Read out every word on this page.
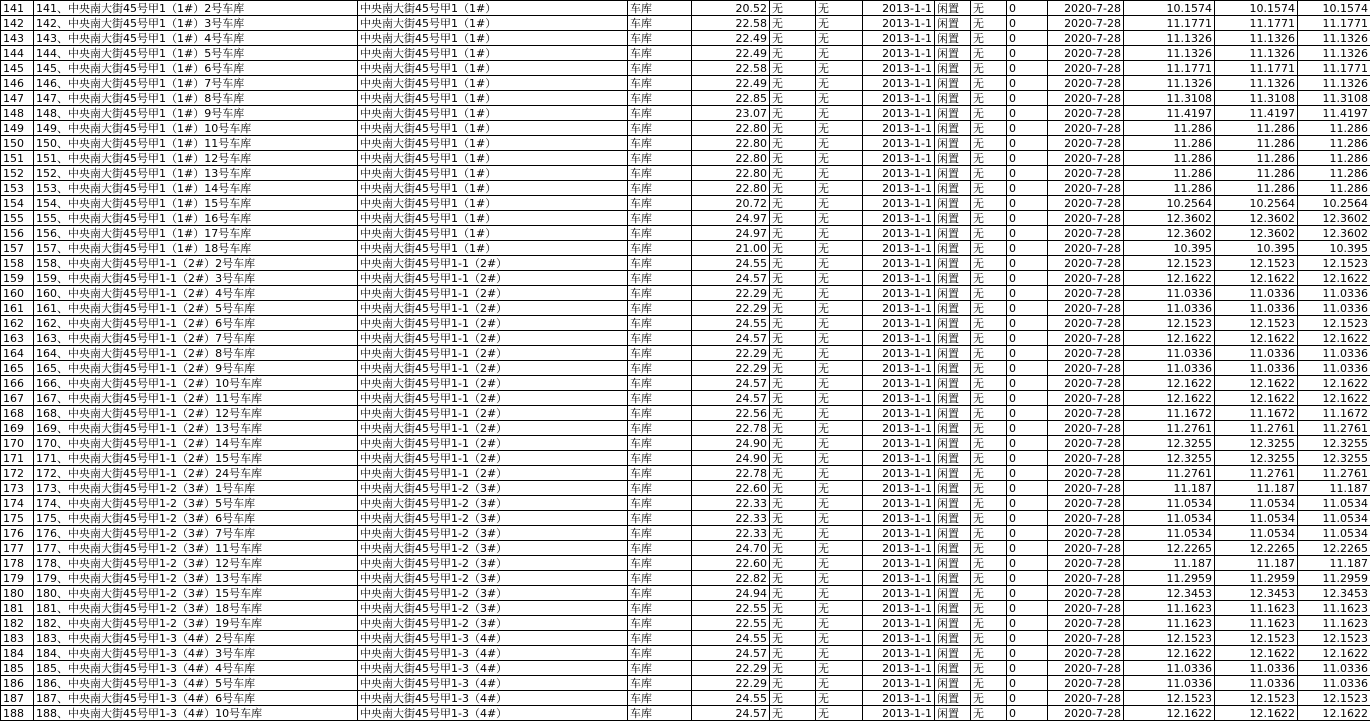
141	141、中央南大街45号甲1（1#）2号车库	中央南大街45号甲1（1#）	车库	20.52	无	无	2013-1-1	闲置	无	0	2020-7-28	10.1574	10.1574	10.1574
142	142、中央南大街45号甲1（1#）3号车库	中央南大街45号甲1（1#）	车库	22.58	无	无	2013-1-1	闲置	无	0	2020-7-28	11.1771	11.1771	11.1771
143	143、中央南大街45号甲1（1#）4号车库	中央南大街45号甲1（1#）	车库	22.49	无	无	2013-1-1	闲置	无	0	2020-7-28	11.1326	11.1326	11.1326
144	144、中央南大街45号甲1（1#）5号车库	中央南大街45号甲1（1#）	车库	22.49	无	无	2013-1-1	闲置	无	0	2020-7-28	11.1326	11.1326	11.1326
145	145、中央南大街45号甲1（1#）6号车库	中央南大街45号甲1（1#）	车库	22.58	无	无	2013-1-1	闲置	无	0	2020-7-28	11.1771	11.1771	11.1771
146	146、中央南大街45号甲1（1#）7号车库	中央南大街45号甲1（1#）	车库	22.49	无	无	2013-1-1	闲置	无	0	2020-7-28	11.1326	11.1326	11.1326
147	147、中央南大街45号甲1（1#）8号车库	中央南大街45号甲1（1#）	车库	22.85	无	无	2013-1-1	闲置	无	0	2020-7-28	11.3108	11.3108	11.3108
148	148、中央南大街45号甲1（1#）9号车库	中央南大街45号甲1（1#）	车库	23.07	无	无	2013-1-1	闲置	无	0	2020-7-28	11.4197	11.4197	11.4197
149	149、中央南大街45号甲1（1#）10号车库	中央南大街45号甲1（1#）	车库	22.80	无	无	2013-1-1	闲置	无	0	2020-7-28	11.286	11.286	11.286
150	150、中央南大街45号甲1（1#）11号车库	中央南大街45号甲1（1#）	车库	22.80	无	无	2013-1-1	闲置	无	0	2020-7-28	11.286	11.286	11.286
151	151、中央南大街45号甲1（1#）12号车库	中央南大街45号甲1（1#）	车库	22.80	无	无	2013-1-1	闲置	无	0	2020-7-28	11.286	11.286	11.286
152	152、中央南大街45号甲1（1#）13号车库	中央南大街45号甲1（1#）	车库	22.80	无	无	2013-1-1	闲置	无	0	2020-7-28	11.286	11.286	11.286
153	153、中央南大街45号甲1（1#）14号车库	中央南大街45号甲1（1#）	车库	22.80	无	无	2013-1-1	闲置	无	0	2020-7-28	11.286	11.286	11.286
154	154、中央南大街45号甲1（1#）15号车库	中央南大街45号甲1（1#）	车库	20.72	无	无	2013-1-1	闲置	无	0	2020-7-28	10.2564	10.2564	10.2564
155	155、中央南大街45号甲1（1#）16号车库	中央南大街45号甲1（1#）	车库	24.97	无	无	2013-1-1	闲置	无	0	2020-7-28	12.3602	12.3602	12.3602
156	156、中央南大街45号甲1（1#）17号车库	中央南大街45号甲1（1#）	车库	24.97	无	无	2013-1-1	闲置	无	0	2020-7-28	12.3602	12.3602	12.3602
157	157、中央南大街45号甲1（1#）18号车库	中央南大街45号甲1（1#）	车库	21.00	无	无	2013-1-1	闲置	无	0	2020-7-28	10.395	10.395	10.395
158	158、中央南大街45号甲1-1（2#）2号车库	中央南大街45号甲1-1（2#）	车库	24.55	无	无	2013-1-1	闲置	无	0	2020-7-28	12.1523	12.1523	12.1523
159	159、中央南大街45号甲1-1（2#）3号车库	中央南大街45号甲1-1（2#）	车库	24.57	无	无	2013-1-1	闲置	无	0	2020-7-28	12.1622	12.1622	12.1622
160	160、中央南大街45号甲1-1（2#）4号车库	中央南大街45号甲1-1（2#）	车库	22.29	无	无	2013-1-1	闲置	无	0	2020-7-28	11.0336	11.0336	11.0336
161	161、中央南大街45号甲1-1（2#）5号车库	中央南大街45号甲1-1（2#）	车库	22.29	无	无	2013-1-1	闲置	无	0	2020-7-28	11.0336	11.0336	11.0336
162	162、中央南大街45号甲1-1（2#）6号车库	中央南大街45号甲1-1（2#）	车库	24.55	无	无	2013-1-1	闲置	无	0	2020-7-28	12.1523	12.1523	12.1523
163	163、中央南大街45号甲1-1（2#）7号车库	中央南大街45号甲1-1（2#）	车库	24.57	无	无	2013-1-1	闲置	无	0	2020-7-28	12.1622	12.1622	12.1622
164	164、中央南大街45号甲1-1（2#）8号车库	中央南大街45号甲1-1（2#）	车库	22.29	无	无	2013-1-1	闲置	无	0	2020-7-28	11.0336	11.0336	11.0336
165	165、中央南大街45号甲1-1（2#）9号车库	中央南大街45号甲1-1（2#）	车库	22.29	无	无	2013-1-1	闲置	无	0	2020-7-28	11.0336	11.0336	11.0336
166	166、中央南大街45号甲1-1（2#）10号车库	中央南大街45号甲1-1（2#）	车库	24.57	无	无	2013-1-1	闲置	无	0	2020-7-28	12.1622	12.1622	12.1622
167	167、中央南大街45号甲1-1（2#）11号车库	中央南大街45号甲1-1（2#）	车库	24.57	无	无	2013-1-1	闲置	无	0	2020-7-28	12.1622	12.1622	12.1622
168	168、中央南大街45号甲1-1（2#）12号车库	中央南大街45号甲1-1（2#）	车库	22.56	无	无	2013-1-1	闲置	无	0	2020-7-28	11.1672	11.1672	11.1672
169	169、中央南大街45号甲1-1（2#）13号车库	中央南大街45号甲1-1（2#）	车库	22.78	无	无	2013-1-1	闲置	无	0	2020-7-28	11.2761	11.2761	11.2761
170	170、中央南大街45号甲1-1（2#）14号车库	中央南大街45号甲1-1（2#）	车库	24.90	无	无	2013-1-1	闲置	无	0	2020-7-28	12.3255	12.3255	12.3255
171	171、中央南大街45号甲1-1（2#）15号车库	中央南大街45号甲1-1（2#）	车库	24.90	无	无	2013-1-1	闲置	无	0	2020-7-28	12.3255	12.3255	12.3255
172	172、中央南大街45号甲1-1（2#）24号车库	中央南大街45号甲1-1（2#）	车库	22.78	无	无	2013-1-1	闲置	无	0	2020-7-28	11.2761	11.2761	11.2761
173	173、中央南大街45号甲1-2（3#）1号车库	中央南大街45号甲1-2（3#）	车库	22.60	无	无	2013-1-1	闲置	无	0	2020-7-28	11.187	11.187	11.187
174	174、中央南大街45号甲1-2（3#）5号车库	中央南大街45号甲1-2（3#）	车库	22.33	无	无	2013-1-1	闲置	无	0	2020-7-28	11.0534	11.0534	11.0534
175	175、中央南大街45号甲1-2（3#）6号车库	中央南大街45号甲1-2（3#）	车库	22.33	无	无	2013-1-1	闲置	无	0	2020-7-28	11.0534	11.0534	11.0534
176	176、中央南大街45号甲1-2（3#）7号车库	中央南大街45号甲1-2（3#）	车库	22.33	无	无	2013-1-1	闲置	无	0	2020-7-28	11.0534	11.0534	11.0534
177	177、中央南大街45号甲1-2（3#）11号车库	中央南大街45号甲1-2（3#）	车库	24.70	无	无	2013-1-1	闲置	无	0	2020-7-28	12.2265	12.2265	12.2265
178	178、中央南大街45号甲1-2（3#）12号车库	中央南大街45号甲1-2（3#）	车库	22.60	无	无	2013-1-1	闲置	无	0	2020-7-28	11.187	11.187	11.187
179	179、中央南大街45号甲1-2（3#）13号车库	中央南大街45号甲1-2（3#）	车库	22.82	无	无	2013-1-1	闲置	无	0	2020-7-28	11.2959	11.2959	11.2959
180	180、中央南大街45号甲1-2（3#）15号车库	中央南大街45号甲1-2（3#）	车库	24.94	无	无	2013-1-1	闲置	无	0	2020-7-28	12.3453	12.3453	12.3453
181	181、中央南大街45号甲1-2（3#）18号车库	中央南大街45号甲1-2（3#）	车库	22.55	无	无	2013-1-1	闲置	无	0	2020-7-28	11.1623	11.1623	11.1623
182	182、中央南大街45号甲1-2（3#）19号车库	中央南大街45号甲1-2（3#）	车库	22.55	无	无	2013-1-1	闲置	无	0	2020-7-28	11.1623	11.1623	11.1623
183	183、中央南大街45号甲1-3（4#）2号车库	中央南大街45号甲1-3（4#）	车库	24.55	无	无	2013-1-1	闲置	无	0	2020-7-28	12.1523	12.1523	12.1523
184	184、中央南大街45号甲1-3（4#）3号车库	中央南大街45号甲1-3（4#）	车库	24.57	无	无	2013-1-1	闲置	无	0	2020-7-28	12.1622	12.1622	12.1622
185	185、中央南大街45号甲1-3（4#）4号车库	中央南大街45号甲1-3（4#）	车库	22.29	无	无	2013-1-1	闲置	无	0	2020-7-28	11.0336	11.0336	11.0336
186	186、中央南大街45号甲1-3（4#）5号车库	中央南大街45号甲1-3（4#）	车库	22.29	无	无	2013-1-1	闲置	无	0	2020-7-28	11.0336	11.0336	11.0336
187	187、中央南大街45号甲1-3（4#）6号车库	中央南大街45号甲1-3（4#）	车库	24.55	无	无	2013-1-1	闲置	无	0	2020-7-28	12.1523	12.1523	12.1523
188	188、中央南大街45号甲1-3（4#）10号车库	中央南大街45号甲1-3（4#）	车库	24.57	无	无	2013-1-1	闲置	无	0	2020-7-28	12.1622	12.1622	12.1622
